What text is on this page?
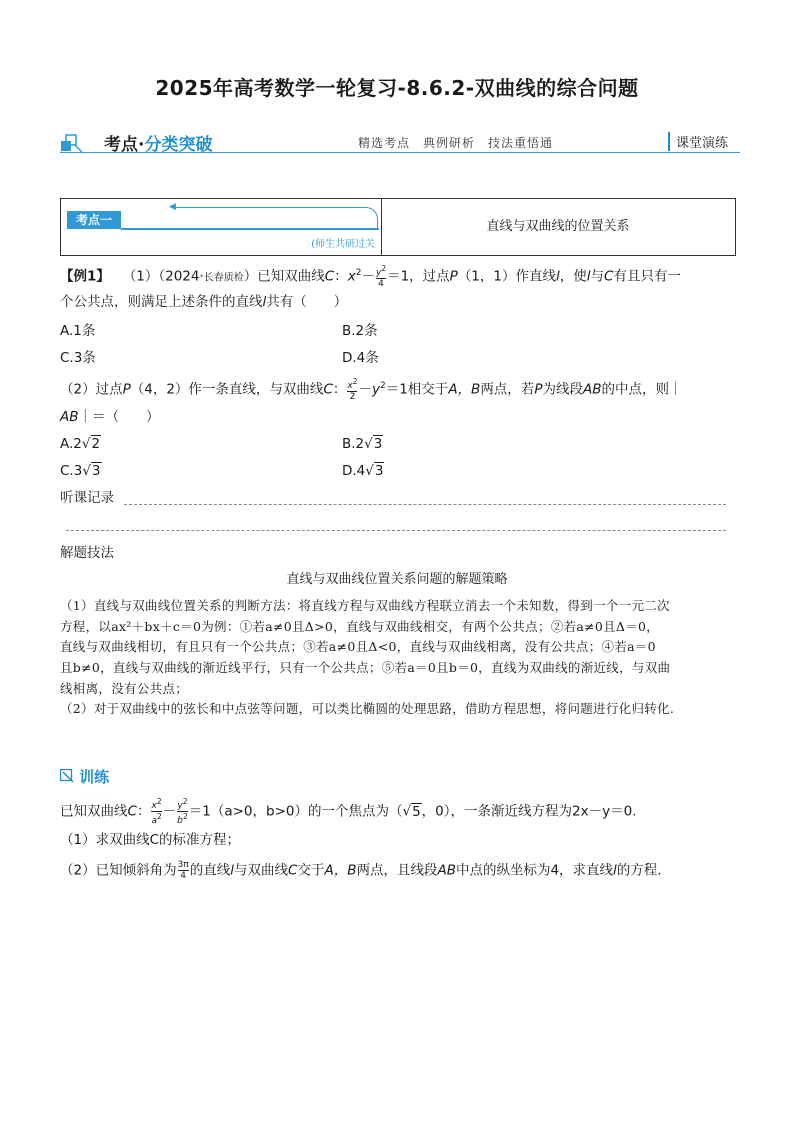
2025年高考数学一轮复习-8.6.2-双曲线的综合问题
考点·分类突破	精选考点　典例研析　技法重悟通	课堂演练
考点一
◀
(师生共研过关
直线与双曲线的位置关系
【例1】 （1）（2024·长春质检）已知双曲线C：$x^2- \frac{y^2}{4} =1$，过点P（1，1）作直线l，使l与C有且只有一
个公共点，则满足上述条件的直线l共有（　　）
A.1条	B.2条
C.3条	D.4条
（2）过点P（4，2）作一条直线，与双曲线C： $\frac{x^2}{2} -y^2=1$相交于A，B两点，若P为线段AB的中点，则｜
AB｜＝（　　）
A.2√2	B.2√3
C.3√3	D.4√3
听课记录
解题技法
直线与双曲线位置关系问题的解题策略
（1）直线与双曲线位置关系的判断方法：将直线方程与双曲线方程联立消去一个未知数，得到一个一元二次
方程，以ax²＋bx＋c＝0为例：①若a≠0且Δ>0，直线与双曲线相交，有两个公共点；②若a≠0且Δ＝0，
直线与双曲线相切，有且只有一个公共点；③若a≠0且Δ<0，直线与双曲线相离，没有公共点；④若a＝0
且b≠0，直线与双曲线的渐近线平行，只有一个公共点；⑤若a＝0且b＝0，直线为双曲线的渐近线，与双曲
线相离，没有公共点；
（2）对于双曲线中的弦长和中点弦等问题，可以类比椭圆的处理思路，借助方程思想，将问题进行化归转化.
训练
已知双曲线C： $\frac{x^2}{a^2} - \frac{y^2}{b^2} =1(a>0$，b>0）的一个焦点为（√5，0），一条渐近线方程为2x－y＝0.
（1）求双曲线C的标准方程；
（2）已知倾斜角为 $\frac{3\pi}{4}$ 的直线l与双曲线C交于A，B两点，且线段AB中点的纵坐标为4，求直线l的方程.
